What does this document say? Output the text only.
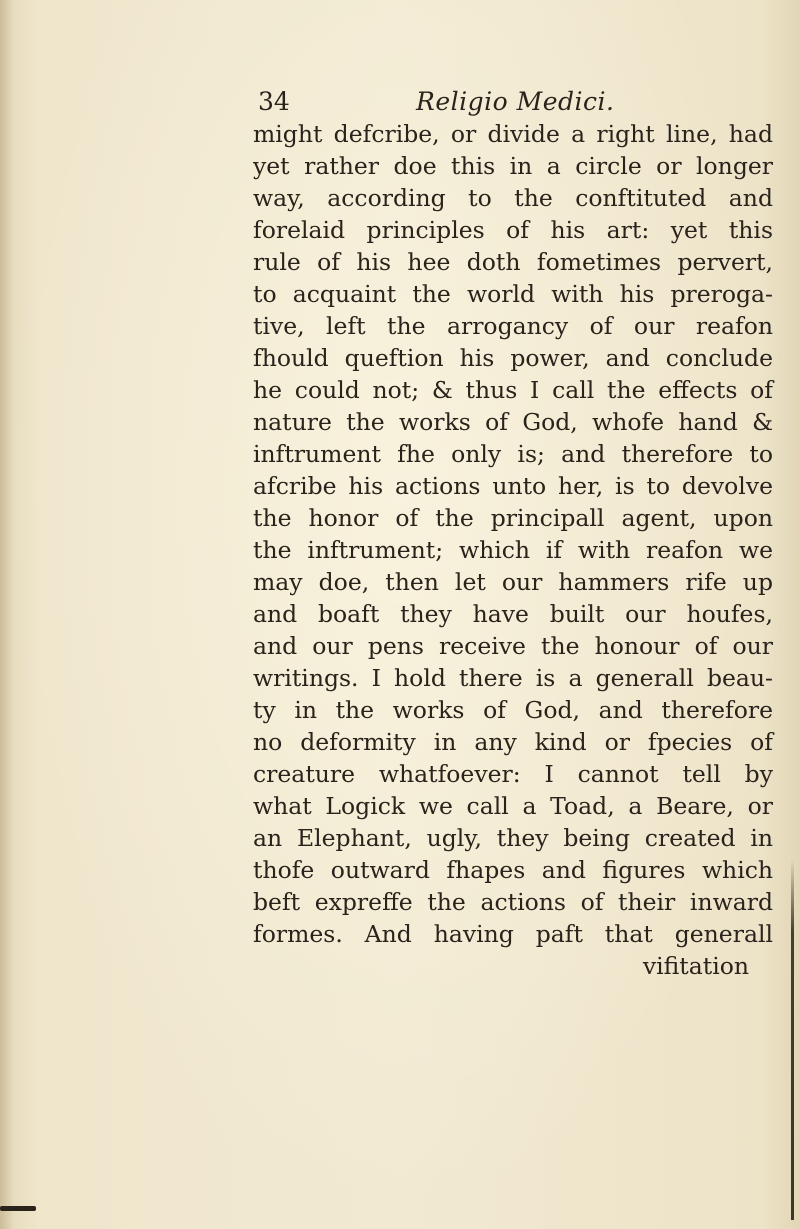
34	Religio Medici.
might defcribe, or divide a right line, had
yet rather doe this in a circle or longer
way, according to the conftituted and
forelaid principles of his art: yet this
rule of his hee doth fometimes pervert,
to acquaint the world with his preroga-
tive, left the arrogancy of our reafon
fhould queftion his power, and conclude
he could not; & thus I call the effects of
nature the works of God, whofe hand &
inftrument fhe only is; and therefore to
afcribe his actions unto her, is to devolve
the honor of the principall agent, upon
the inftrument; which if with reafon we
may doe, then let our hammers rife up
and boaft they have built our houfes,
and our pens receive the honour of our
writings. I hold there is a generall beau-
ty in the works of God, and therefore
no deformity in any kind or fpecies of
creature whatfoever: I cannot tell by
what Logick we call a Toad, a Beare, or
an Elephant, ugly, they being created in
thofe outward fhapes and figures which
beft expreffe the actions of their inward
formes. And having paft that generall
vifitation
